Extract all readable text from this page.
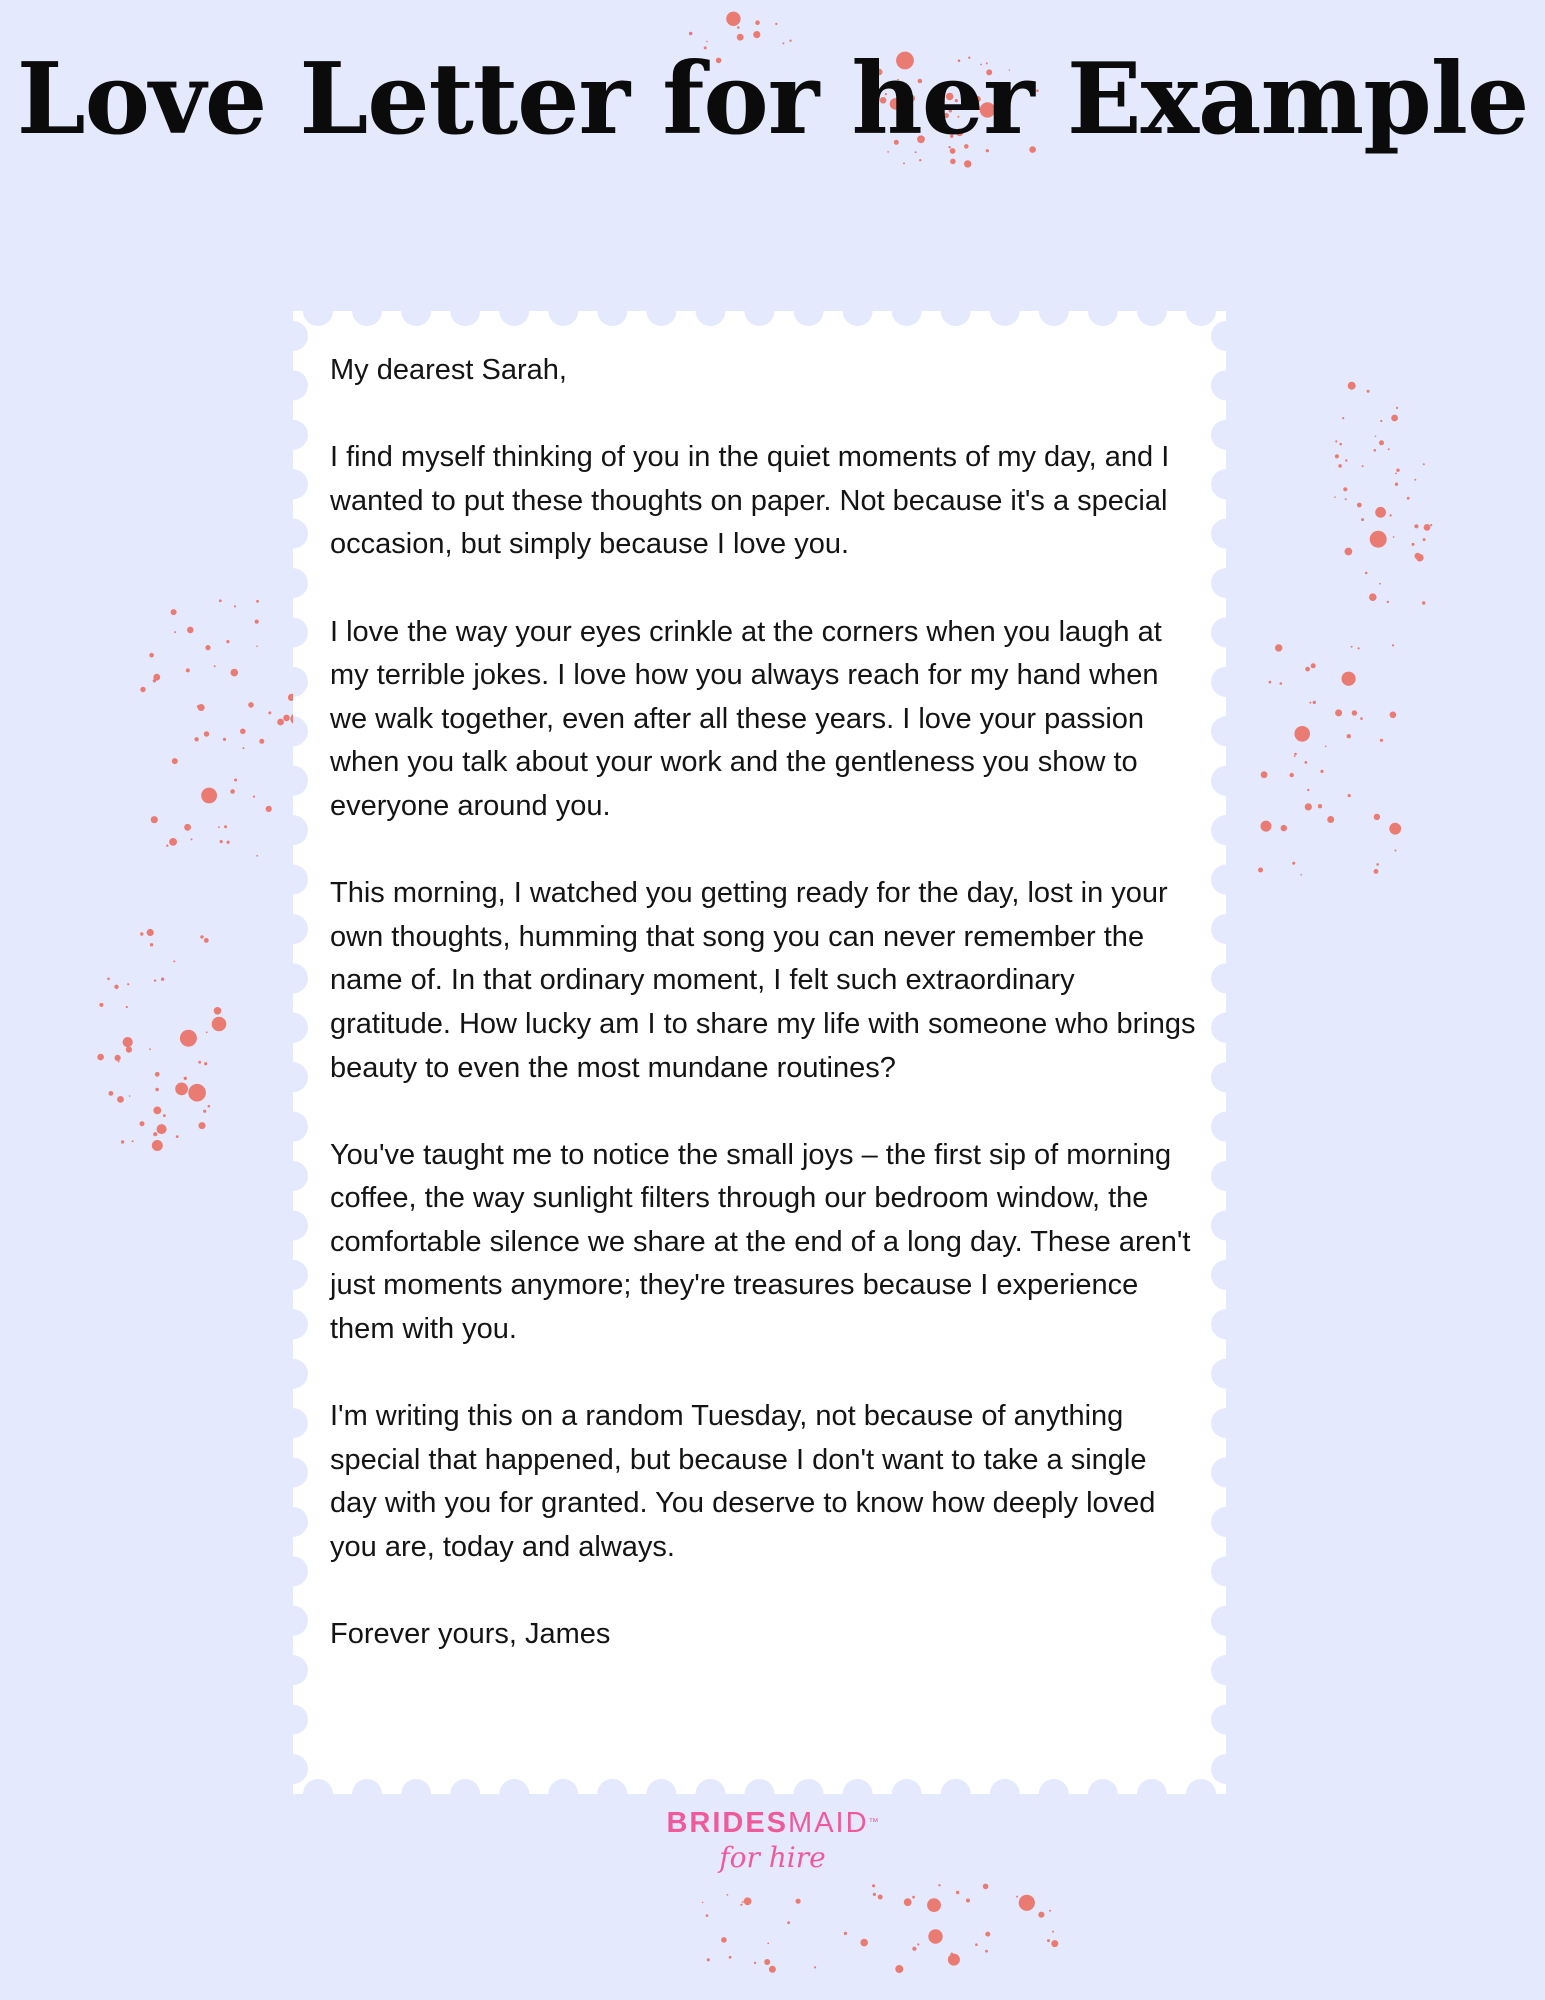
Love Letter for her Example

My dearest Sarah,

I find myself thinking of you in the quiet moments of my day, and I wanted to put these thoughts on paper. Not because it's a special occasion, but simply because I love you.

I love the way your eyes crinkle at the corners when you laugh at my terrible jokes. I love how you always reach for my hand when we walk together, even after all these years. I love your passion when you talk about your work and the gentleness you show to everyone around you.

This morning, I watched you getting ready for the day, lost in your own thoughts, humming that song you can never remember the name of. In that ordinary moment, I felt such extraordinary gratitude. How lucky am I to share my life with someone who brings beauty to even the most mundane routines?

You've taught me to notice the small joys – the first sip of morning coffee, the way sunlight filters through our bedroom window, the comfortable silence we share at the end of a long day. These aren't just moments anymore; they're treasures because I experience them with you.

I'm writing this on a random Tuesday, not because of anything special that happened, but because I don't want to take a single day with you for granted. You deserve to know how deeply loved you are, today and always.

Forever yours, James

BRIDESMAID™
for hire
